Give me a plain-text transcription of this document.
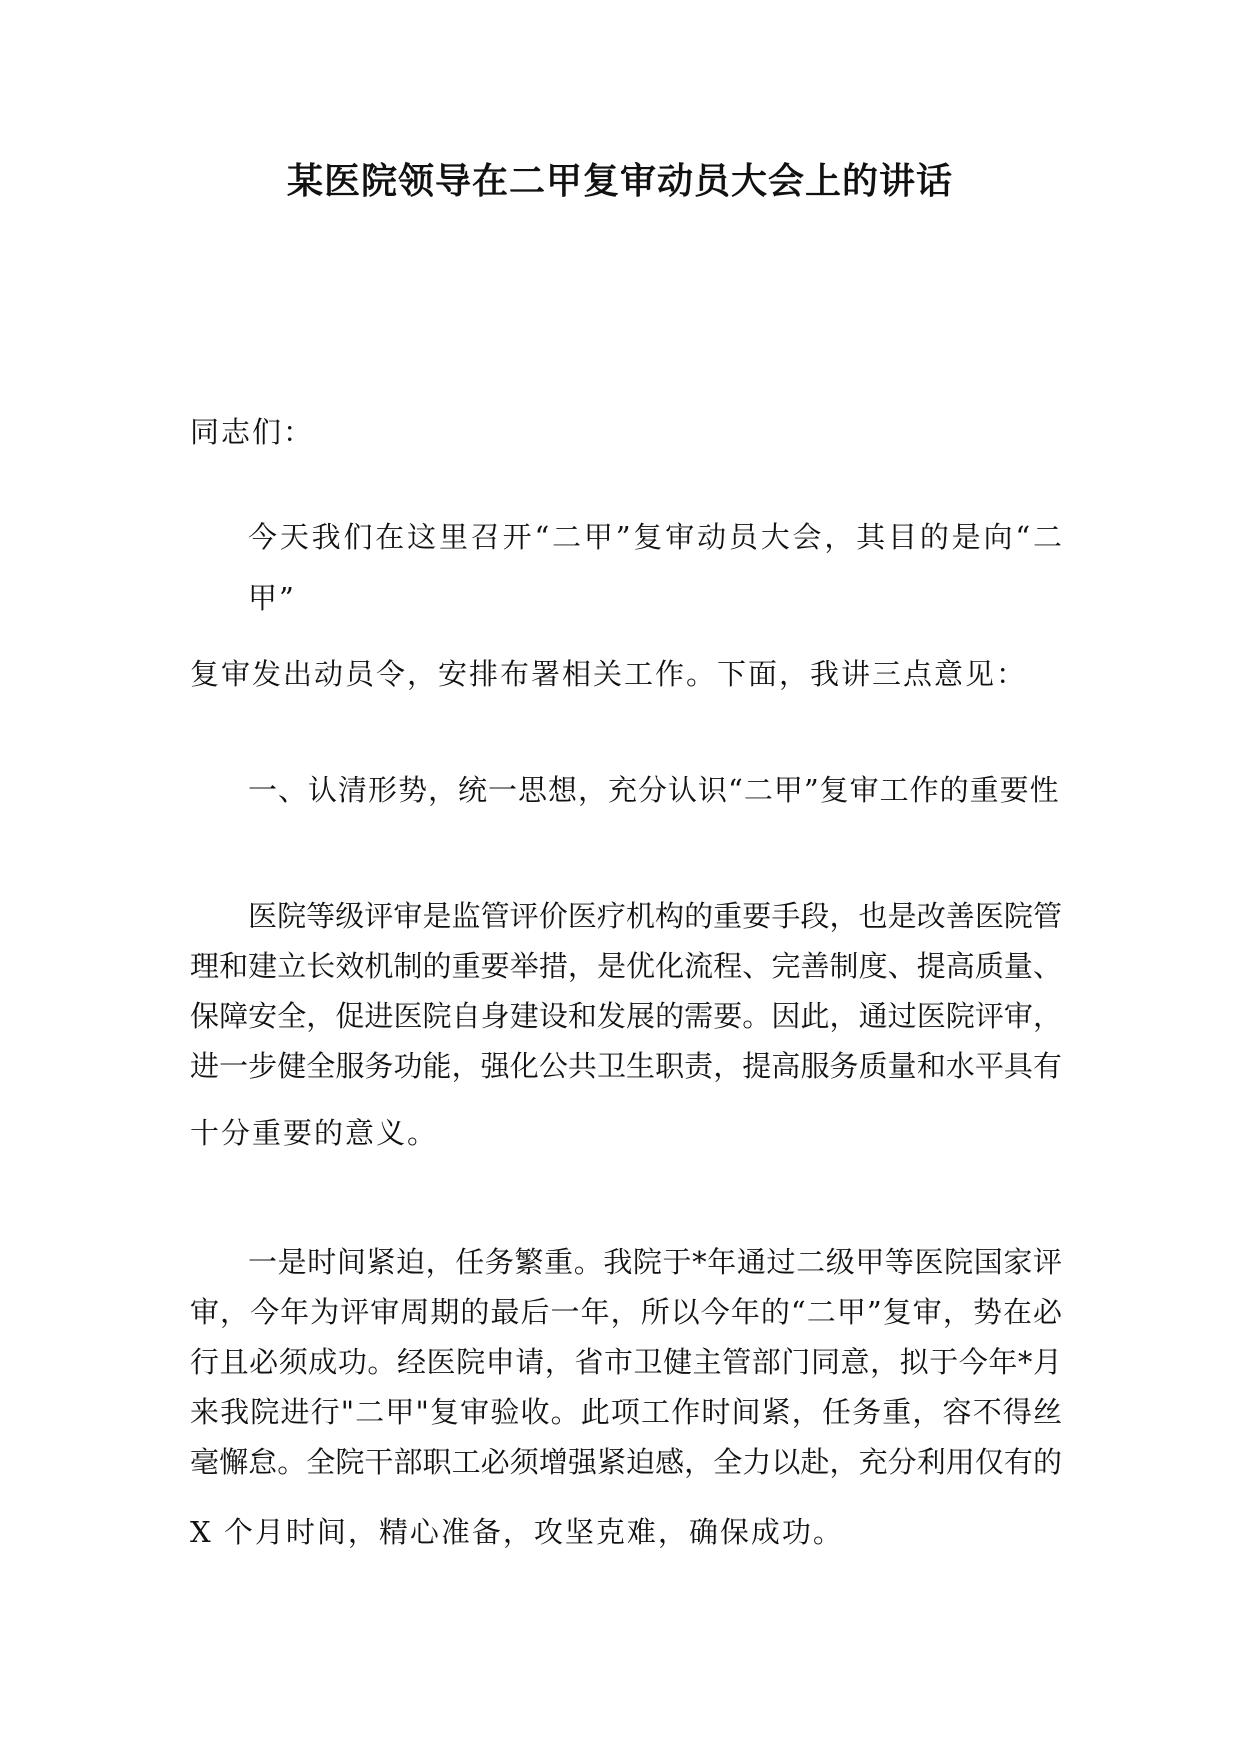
某医院领导在二甲复审动员大会上的讲话

同志们：

今天我们在这里召开“二甲”复审动员大会，其目的是向“二

甲”

复审发出动员令，安排布署相关工作。下面，我讲三点意见：

一、认清形势，统一思想，充分认识“二甲”复审工作的重要性

医院等级评审是监管评价医疗机构的重要手段，也是改善医院管

理和建立长效机制的重要举措，是优化流程、完善制度、提高质量、

保障安全，促进医院自身建设和发展的需要。因此，通过医院评审，

进一步健全服务功能，强化公共卫生职责，提高服务质量和水平具有

十分重要的意义。

一是时间紧迫，任务繁重。我院于*年通过二级甲等医院国家评

审，今年为评审周期的最后一年，所以今年的“二甲”复审，势在必

行且必须成功。经医院申请，省市卫健主管部门同意，拟于今年*月

来我院进行"二甲"复审验收。此项工作时间紧，任务重，容不得丝

毫懈怠。全院干部职工必须增强紧迫感，全力以赴，充分利用仅有的

X 个月时间，精心准备，攻坚克难，确保成功。
